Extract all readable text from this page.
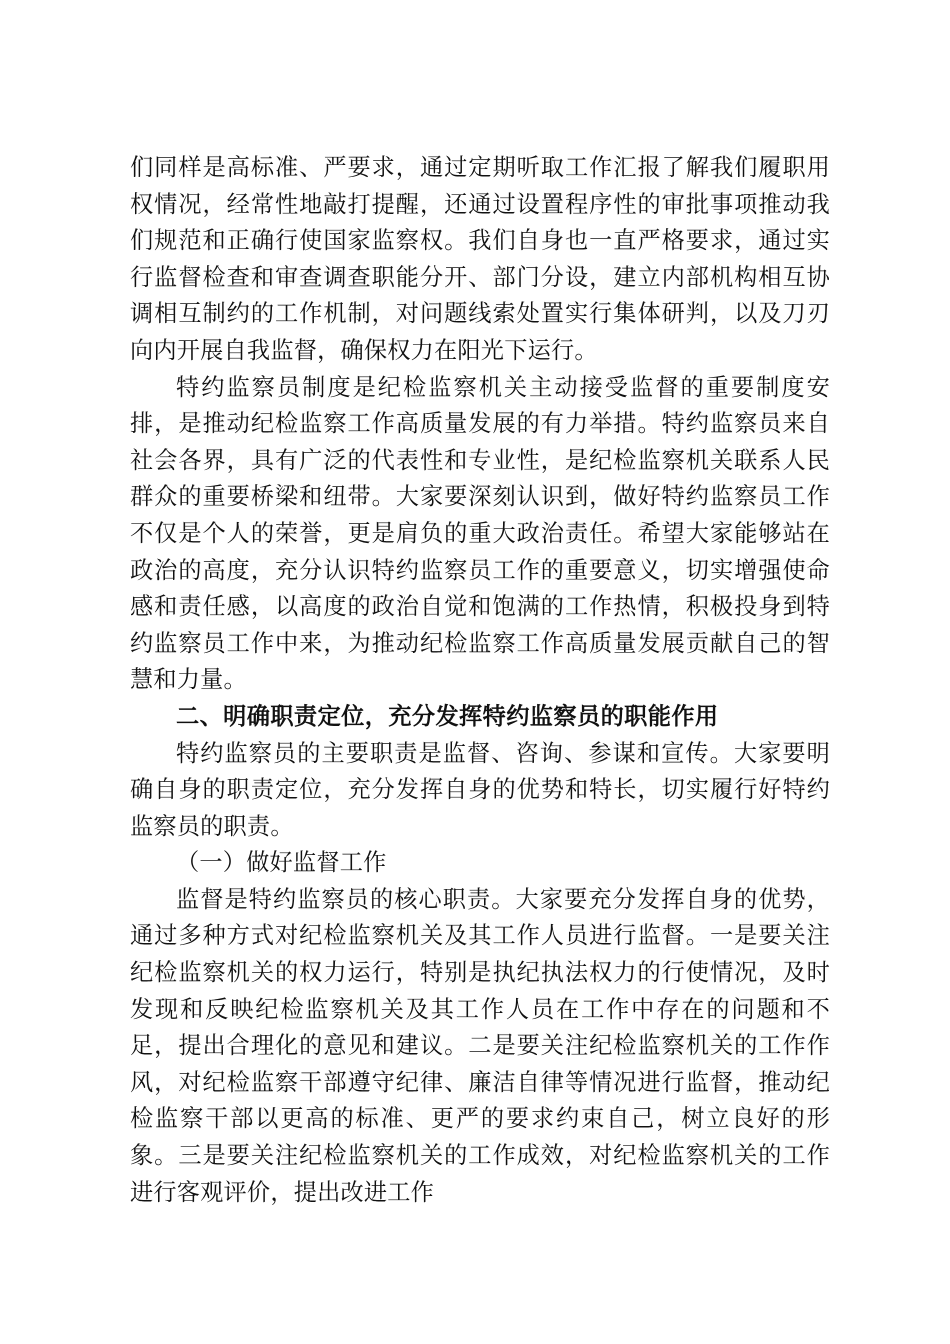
们同样是高标准、严要求，通过定期听取工作汇报了解我们履职用权情况，经常性地敲打提醒，还通过设置程序性的审批事项推动我们规范和正确行使国家监察权。我们自身也一直严格要求，通过实行监督检查和审查调查职能分开、部门分设，建立内部机构相互协调相互制约的工作机制，对问题线索处置实行集体研判，以及刀刃向内开展自我监督，确保权力在阳光下运行。

特约监察员制度是纪检监察机关主动接受监督的重要制度安排，是推动纪检监察工作高质量发展的有力举措。特约监察员来自社会各界，具有广泛的代表性和专业性，是纪检监察机关联系人民群众的重要桥梁和纽带。大家要深刻认识到，做好特约监察员工作不仅是个人的荣誉，更是肩负的重大政治责任。希望大家能够站在政治的高度，充分认识特约监察员工作的重要意义，切实增强使命感和责任感，以高度的政治自觉和饱满的工作热情，积极投身到特约监察员工作中来，为推动纪检监察工作高质量发展贡献自己的智慧和力量。

二、明确职责定位，充分发挥特约监察员的职能作用

特约监察员的主要职责是监督、咨询、参谋和宣传。大家要明确自身的职责定位，充分发挥自身的优势和特长，切实履行好特约监察员的职责。

（一）做好监督工作

监督是特约监察员的核心职责。大家要充分发挥自身的优势，通过多种方式对纪检监察机关及其工作人员进行监督。一是要关注纪检监察机关的权力运行，特别是执纪执法权力的行使情况，及时发现和反映纪检监察机关及其工作人员在工作中存在的问题和不足，提出合理化的意见和建议。二是要关注纪检监察机关的工作作风，对纪检监察干部遵守纪律、廉洁自律等情况进行监督，推动纪检监察干部以更高的标准、更严的要求约束自己，树立良好的形象。三是要关注纪检监察机关的工作成效，对纪检监察机关的工作进行客观评价，提出改进工作
